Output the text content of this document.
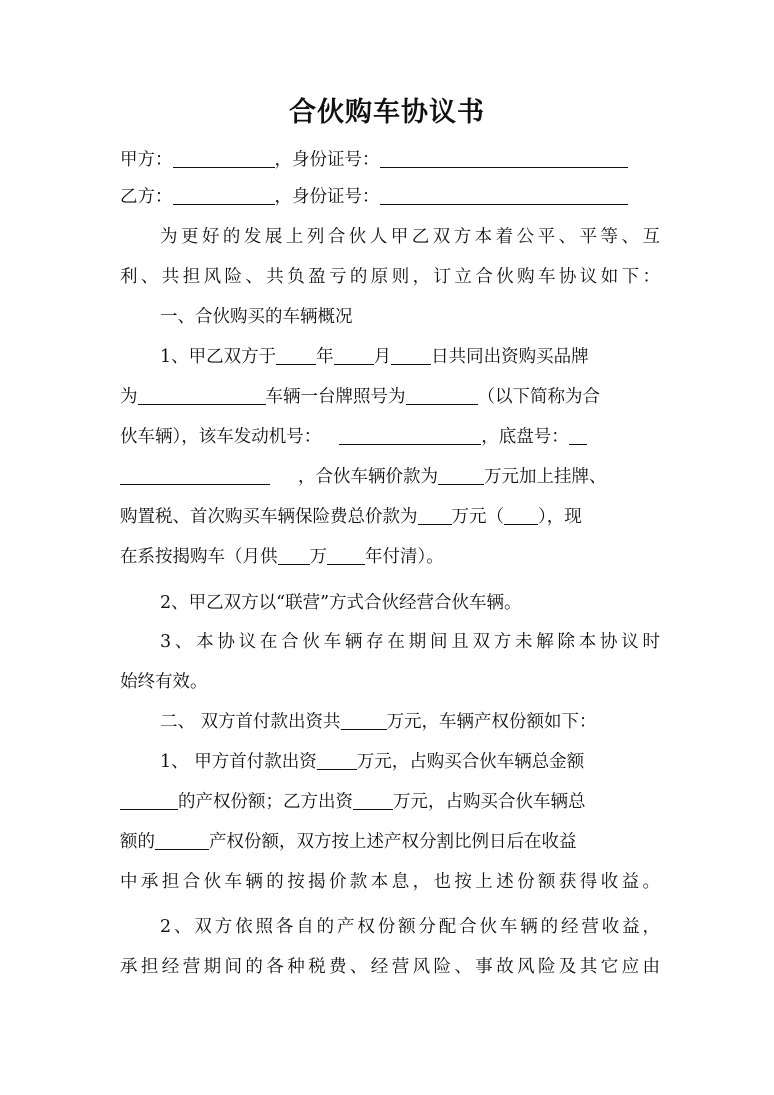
合伙购车协议书
甲方：	，身份证号：
乙方：	，身份证号：
为更好的发展上列合伙人甲乙双方本着公平、平等、互
利、共担风险、共负盈亏的原则，订立合伙购车协议如下：
一、合伙购买的车辆概况
1、甲乙双方于 年 月 日共同出资购买品牌
为	车辆一台牌照号为	（以下简称为合
伙车辆），该车发动机号：	，底盘号：
，合伙车辆价款为	万元加上挂牌、
购置税、首次购买车辆保险费总价款为 万元（ ），现
在系按揭购车（月供 万 年付清）。
2、甲乙双方以“联营”方式合伙经营合伙车辆。
3、本协议在合伙车辆存在期间且双方未解除本协议时
始终有效。
二、 双方首付款出资共	万元，车辆产权份额如下：
1、 甲方首付款出资 万元，占购买合伙车辆总金额
的产权份额；乙方出资 万元，占购买合伙车辆总
额的	产权份额，双方按上述产权分割比例日后在收益
中承担合伙车辆的按揭价款本息，也按上述份额获得收益。
2、双方依照各自的产权份额分配合伙车辆的经营收益，
承担经营期间的各种税费、经营风险、事故风险及其它应由
